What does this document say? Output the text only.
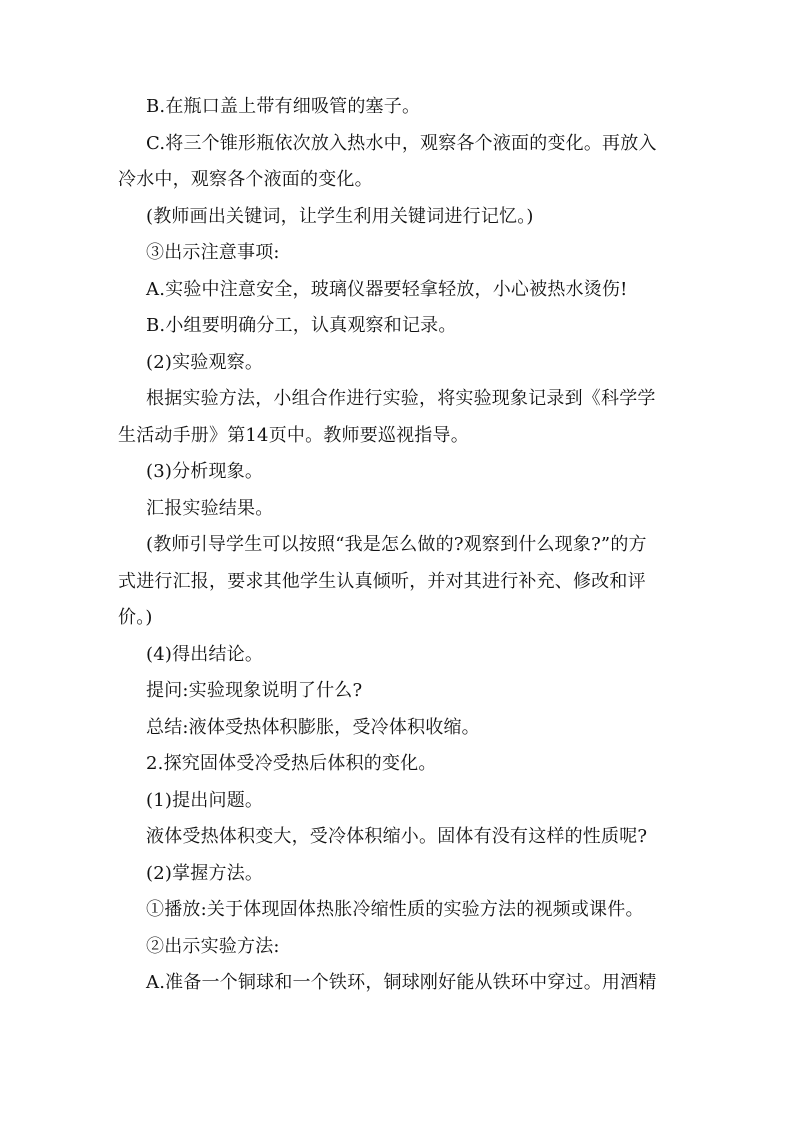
B.在瓶口盖上带有细吸管的塞子。
C.将三个锥形瓶依次放入热水中，观察各个液面的变化。再放入
冷水中，观察各个液面的变化。
(教师画出关键词，让学生利用关键词进行记忆。)
③出示注意事项:
A.实验中注意安全，玻璃仪器要轻拿轻放，小心被热水烫伤!
B.小组要明确分工，认真观察和记录。
(2)实验观察。
根据实验方法，小组合作进行实验，将实验现象记录到《科学学
生活动手册》第14页中。教师要巡视指导。
(3)分析现象。
汇报实验结果。
(教师引导学生可以按照“我是怎么做的?观察到什么现象?”的方
式进行汇报，要求其他学生认真倾听，并对其进行补充、修改和评
价。)
(4)得出结论。
提问:实验现象说明了什么?
总结:液体受热体积膨胀，受冷体积收缩。
2.探究固体受冷受热后体积的变化。
(1)提出问题。
液体受热体积变大，受冷体积缩小。固体有没有这样的性质呢?
(2)掌握方法。
①播放:关于体现固体热胀冷缩性质的实验方法的视频或课件。
②出示实验方法:
A.准备一个铜球和一个铁环，铜球刚好能从铁环中穿过。用酒精
